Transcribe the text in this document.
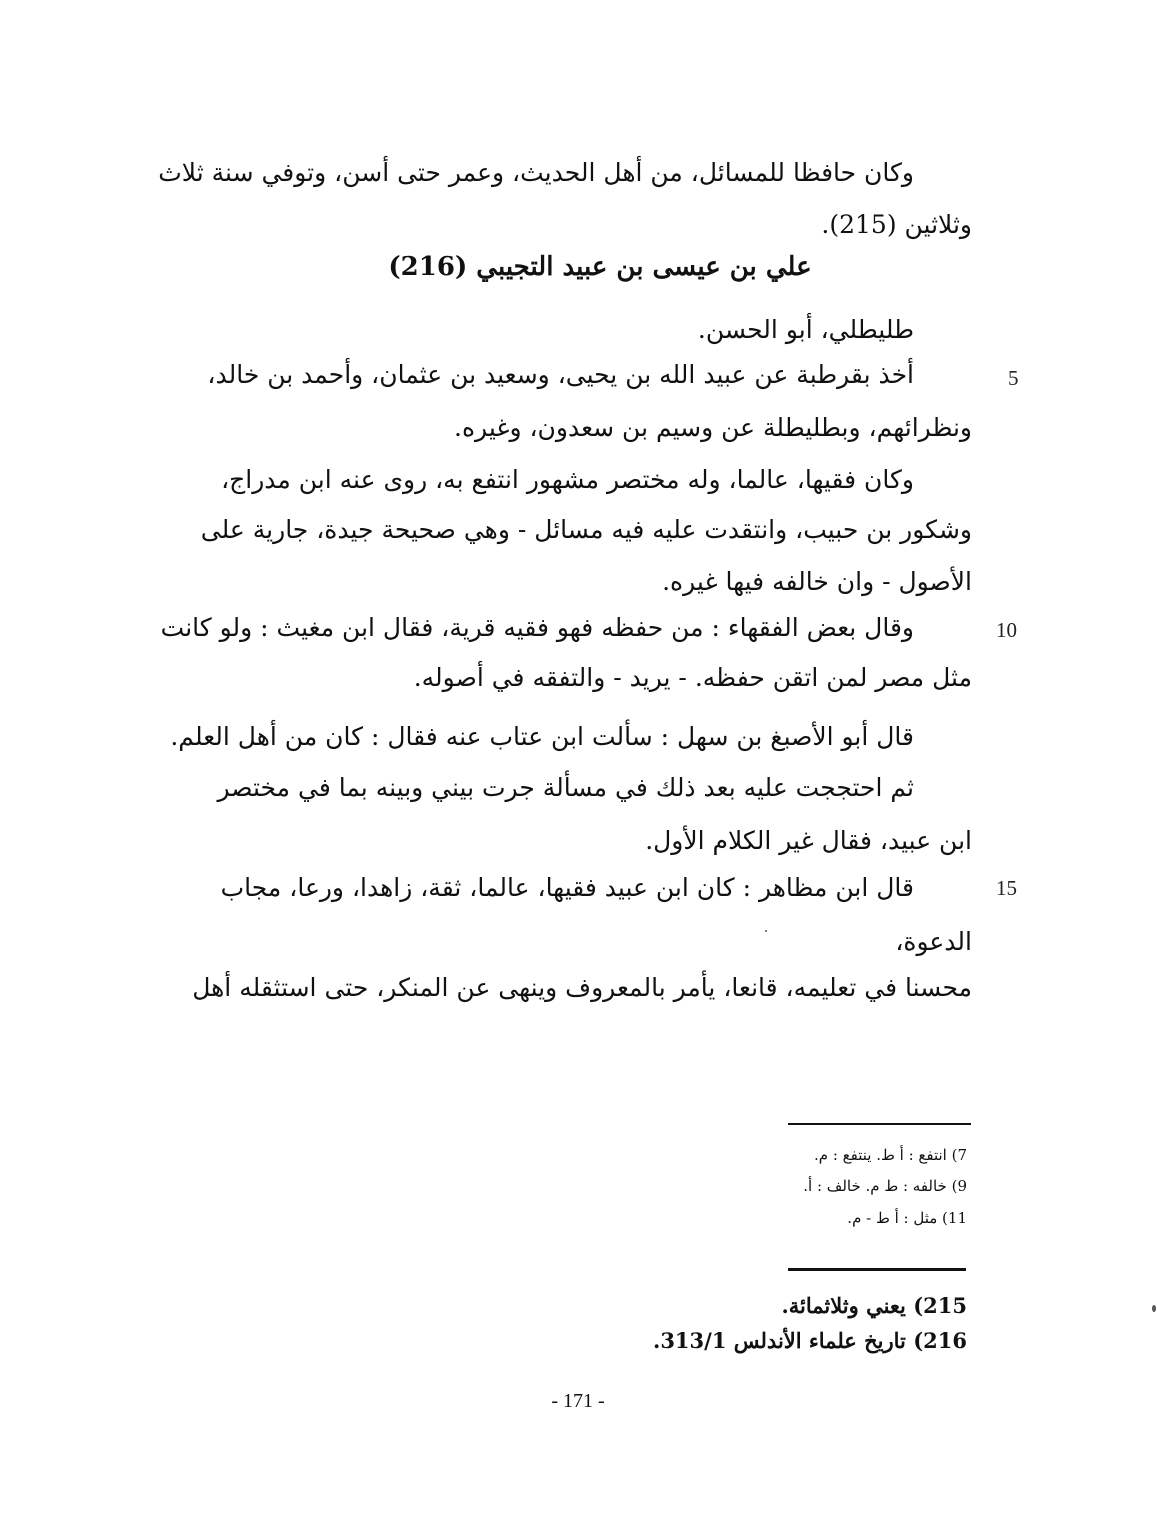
وكان حافظا للمسائل، من أهل الحديث، وعمر حتى أسن، وتوفي سنة ثلاث
وثلاثين (215).
علي بن عيسى بن عبيد التجيبي (216)
طليطلي، أبو الحسن.
أخذ بقرطبة عن عبيد الله بن يحيى، وسعيد بن عثمان، وأحمد بن خالد،
ونظرائهم، وبطليطلة عن وسيم بن سعدون، وغيره.
وكان فقيها، عالما، وله مختصر مشهور انتفع به، روى عنه ابن مدراج،
وشكور بن حبيب، وانتقدت عليه فيه مسائل - وهي صحيحة جيدة، جارية على
الأصول - وان خالفه فيها غيره.
وقال بعض الفقهاء : من حفظه فهو فقيه قرية، فقال ابن مغيث : ولو كانت
مثل مصر لمن اتقن حفظه. - يريد - والتفقه في أصوله.
قال أبو الأصبغ بن سهل : سألت ابن عتاب عنه فقال : كان من أهل العلم.
ثم احتججت عليه بعد ذلك في مسألة جرت بيني وبينه بما في مختصر
ابن عبيد، فقال غير الكلام الأول.
قال ابن مظاهر : كان ابن عبيد فقيها، عالما، ثقة، زاهدا، ورعا، مجاب
الدعوة،
محسنا في تعليمه، قانعا، يأمر بالمعروف وينهى عن المنكر، حتى استثقله أهل
5
10
15
7) انتفع : أ ط. ينتفع : م.
9) خالفه : ط م. خالف : أ.
11) مثل : أ ط - م.
215) يعني وثلاثمائة.
216) تاريخ علماء الأندلس 313/1.
- 171 -
